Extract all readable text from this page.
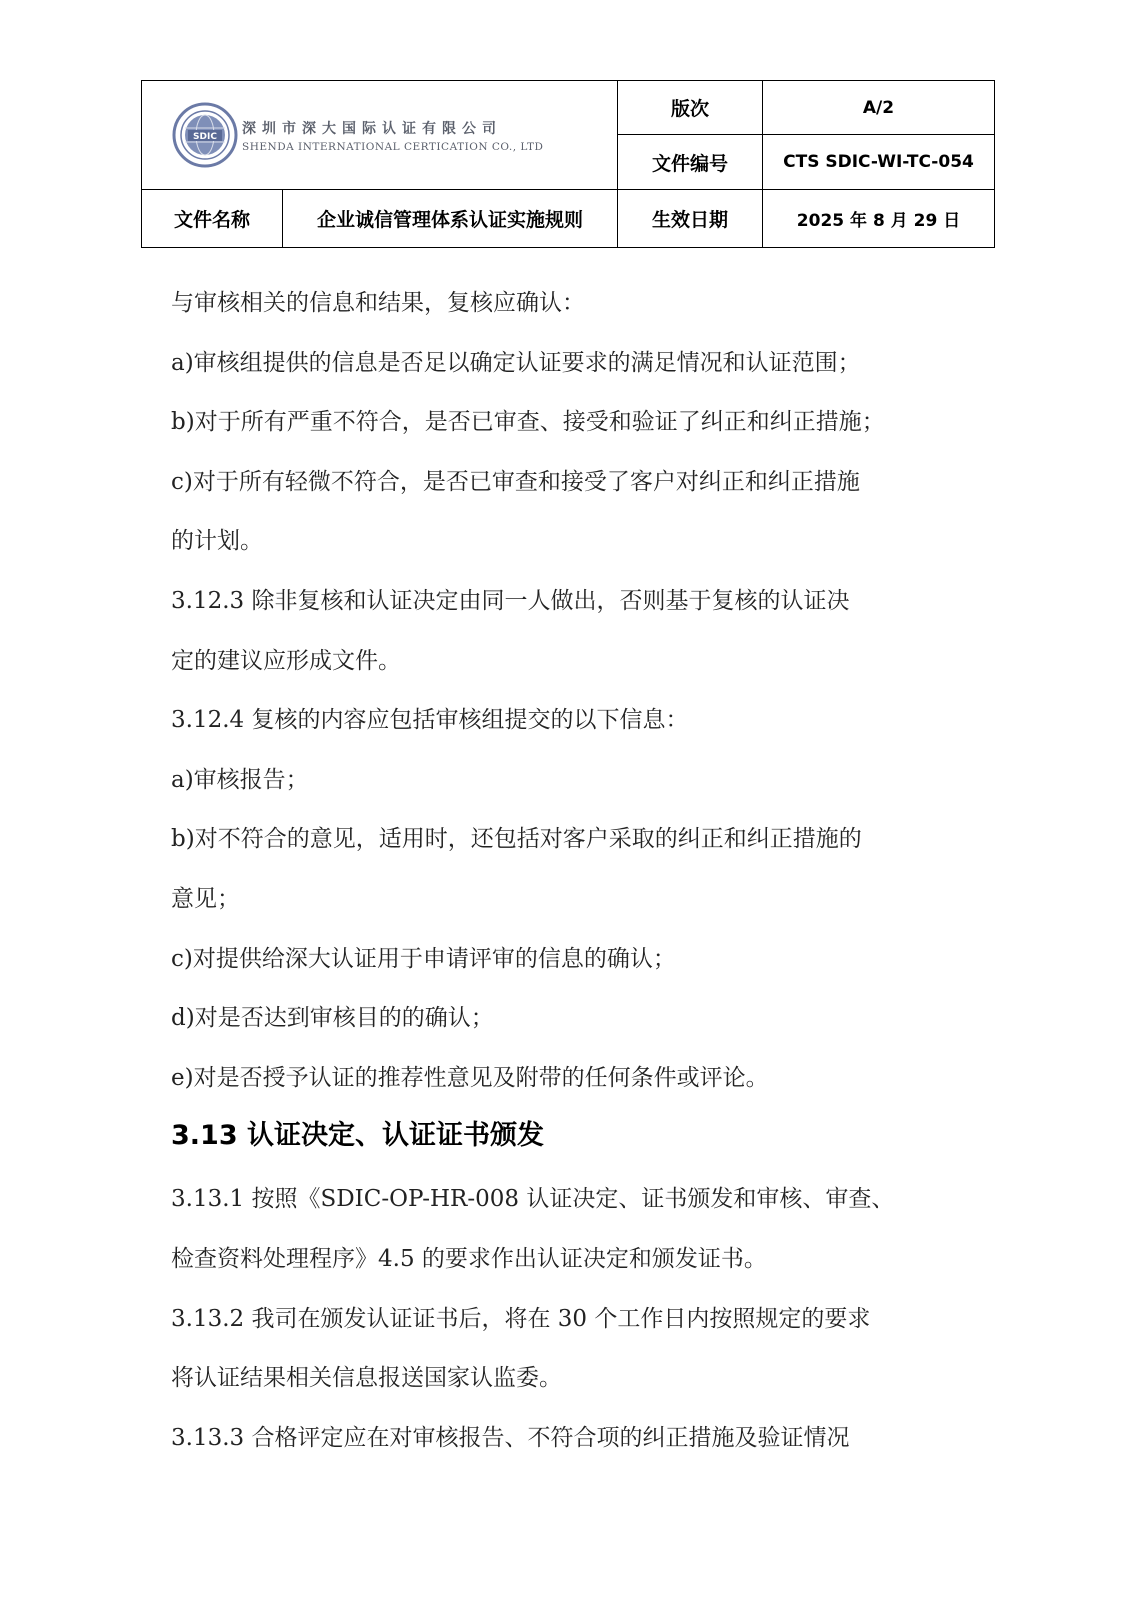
SDIC
深圳市深大国际认证有限公司
SHENDA INTERNATIONAL CERTICATION CO., LTD		版次	A/2
		文件编号	CTS SDIC-WI-TC-054
文件名称	企业诚信管理体系认证实施规则	生效日期	2025 年 8 月 29 日

与审核相关的信息和结果，复核应确认：

a)审核组提供的信息是否足以确定认证要求的满足情况和认证范围；

b)对于所有严重不符合，是否已审查、接受和验证了纠正和纠正措施；

c)对于所有轻微不符合，是否已审查和接受了客户对纠正和纠正措施

的计划。

3.12.3 除非复核和认证决定由同一人做出，否则基于复核的认证决

定的建议应形成文件。

3.12.4 复核的内容应包括审核组提交的以下信息：

a)审核报告；

b)对不符合的意见，适用时，还包括对客户采取的纠正和纠正措施的

意见；

c)对提供给深大认证用于申请评审的信息的确认；

d)对是否达到审核目的的确认；

e)对是否授予认证的推荐性意见及附带的任何条件或评论。

3.13 认证决定、认证证书颁发

3.13.1 按照《SDIC-OP-HR-008 认证决定、证书颁发和审核、审查、

检查资料处理程序》4.5 的要求作出认证决定和颁发证书。

3.13.2 我司在颁发认证证书后，将在 30 个工作日内按照规定的要求

将认证结果相关信息报送国家认监委。

3.13.3 合格评定应在对审核报告、不符合项的纠正措施及验证情况
